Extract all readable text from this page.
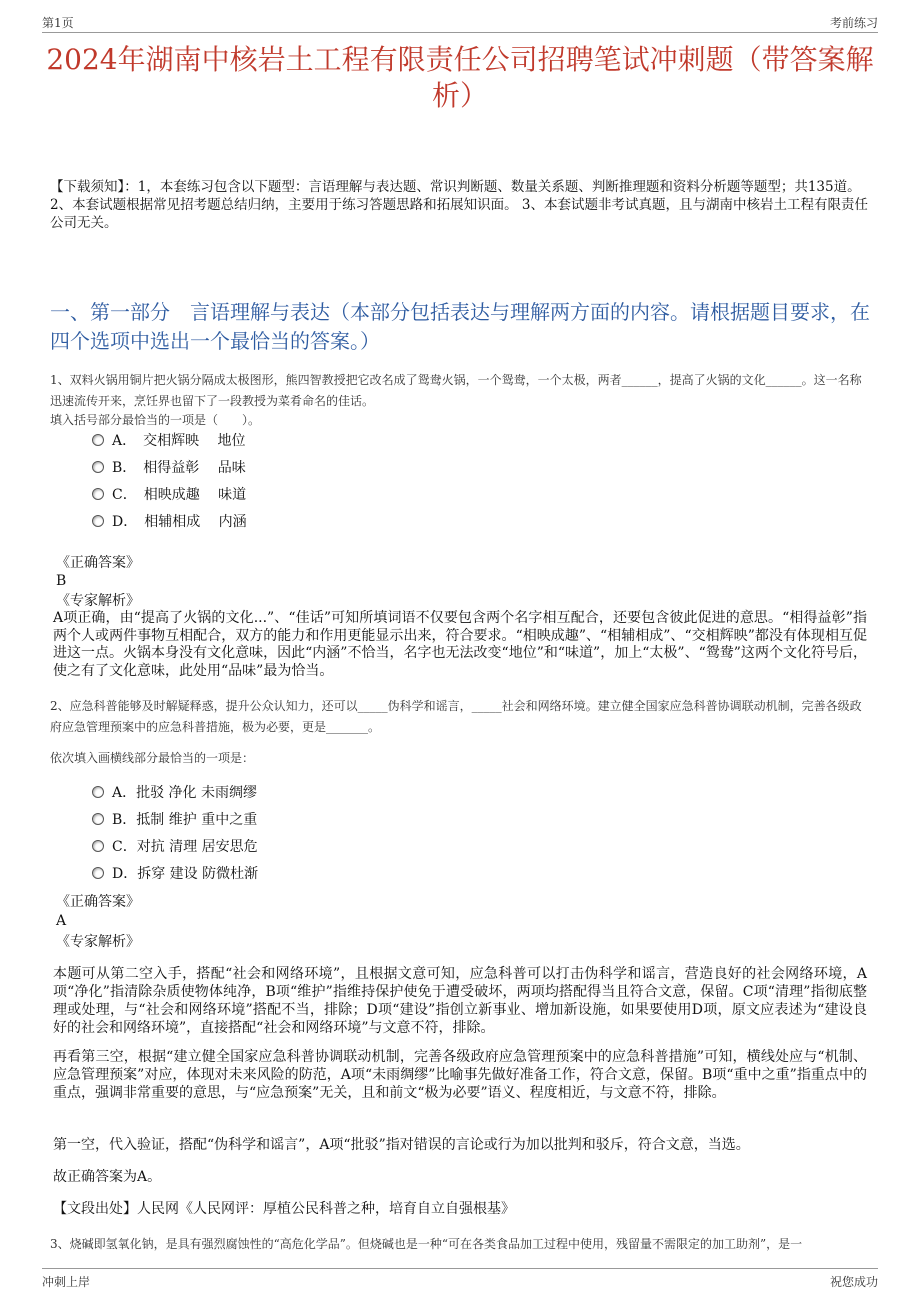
第1页	考前练习
2024年湖南中核岩土工程有限责任公司招聘笔试冲刺题（带答案解析）
【下载须知】：1，本套练习包含以下题型：言语理解与表达题、常识判断题、数量关系题、判断推理题和资料分析题等题型；共135道。 2、本套试题根据常见招考题总结归纳，主要用于练习答题思路和拓展知识面。 3、本套试题非考试真题，且与湖南中核岩土工程有限责任公司无关。
一、第一部分　言语理解与表达（本部分包括表达与理解两方面的内容。请根据题目要求，在四个选项中选出一个最恰当的答案。）
1、双料火锅用铜片把火锅分隔成太极图形，熊四智教授把它改名成了鸳鸯火锅，一个鸳鸯，一个太极，两者______，提高了火锅的文化______。这一名称迅速流传开来，烹饪界也留下了一段教授为菜肴命名的佳话。
填入括号部分最恰当的一项是（　　）。
A．　交相辉映　 地位
B．　相得益彰　 品味
C．　相映成趣　 味道
D．　相辅相成　 内涵
《正确答案》
B
《专家解析》
A项正确，由“提高了火锅的文化...”、“佳话”可知所填词语不仅要包含两个名字相互配合，还要包含彼此促进的意思。“相得益彰”指两个人或两件事物互相配合，双方的能力和作用更能显示出来，符合要求。“相映成趣”、“相辅相成”、“交相辉映”都没有体现相互促进这一点。火锅本身没有文化意味，因此“内涵”不恰当，名字也无法改变“地位”和“味道”，加上“太极”、“鸳鸯”这两个文化符号后，使之有了文化意味，此处用“品味”最为恰当。
2、应急科普能够及时解疑释惑，提升公众认知力，还可以_____伪科学和谣言，_____社会和网络环境。建立健全国家应急科普协调联动机制，完善各级政府应急管理预案中的应急科普措施，极为必要，更是_______。
依次填入画横线部分最恰当的一项是：
A．批驳 净化 未雨绸缪
B．抵制 维护 重中之重
C．对抗 清理 居安思危
D．拆穿 建设 防微杜渐
《正确答案》
A
《专家解析》
本题可从第二空入手，搭配“社会和网络环境”，且根据文意可知，应急科普可以打击伪科学和谣言，营造良好的社会网络环境，A项“净化”指清除杂质使物体纯净，B项“维护”指维持保护使免于遭受破坏，两项均搭配得当且符合文意，保留。C项“清理”指彻底整理或处理，与“社会和网络环境”搭配不当，排除；D项“建设”指创立新事业、增加新设施，如果要使用D项，原文应表述为“建设良好的社会和网络环境”，直接搭配“社会和网络环境”与文意不符，排除。
再看第三空，根据“建立健全国家应急科普协调联动机制，完善各级政府应急管理预案中的应急科普措施”可知，横线处应与“机制、应急管理预案”对应，体现对未来风险的防范，A项“未雨绸缪”比喻事先做好准备工作，符合文意，保留。B项“重中之重”指重点中的重点，强调非常重要的意思，与“应急预案”无关，且和前文“极为必要”语义、程度相近，与文意不符，排除。
第一空，代入验证，搭配“伪科学和谣言”，A项“批驳”指对错误的言论或行为加以批判和驳斥，符合文意，当选。
故正确答案为A。
【文段出处】人民网《人民网评：厚植公民科普之种，培育自立自强根基》
3、烧碱即氢氧化钠，是具有强烈腐蚀性的“高危化学品”。但烧碱也是一种“可在各类食品加工过程中使用，残留量不需限定的加工助剂”，是一
冲刺上岸	祝您成功
